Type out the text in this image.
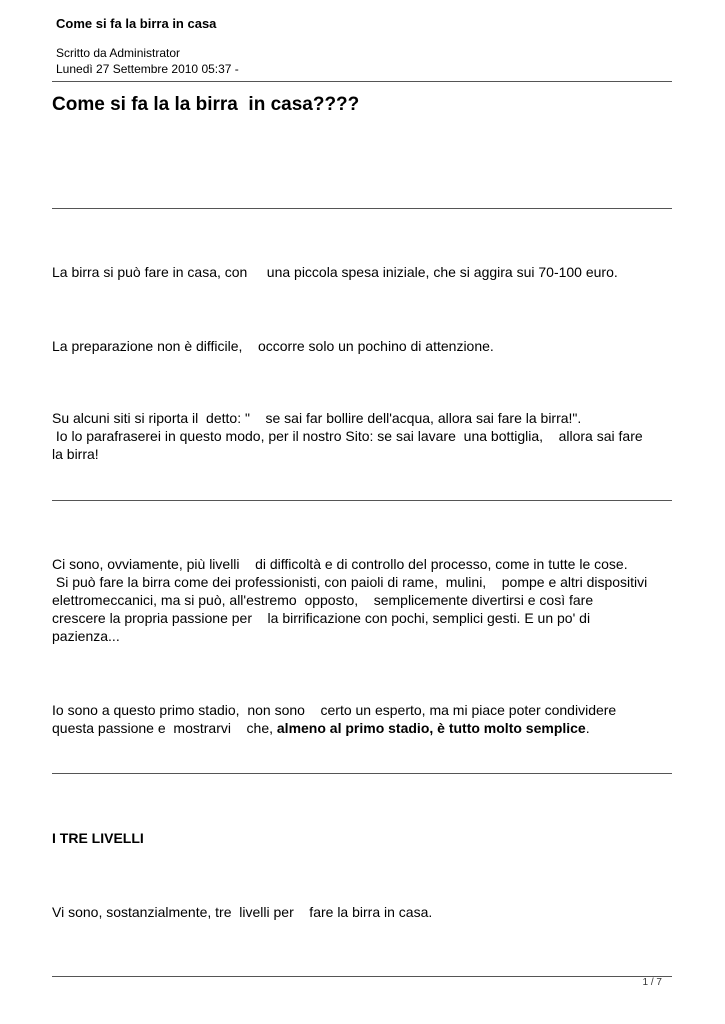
Come si fa la birra in casa
Scritto da Administrator
Lunedì 27 Settembre 2010 05:37 -
Come si fa la la birra  in casa????
La birra si può fare in casa, con     una piccola spesa iniziale, che si aggira sui 70-100 euro.
La preparazione non è difficile,    occorre solo un pochino di attenzione.
Su alcuni siti si riporta il  detto: "    se sai far bollire dell'acqua, allora sai fare la birra!".
Io lo parafraserei in questo modo, per il nostro Sito: se sai lavare  una bottiglia,    allora sai fare
la birra!
Ci sono, ovviamente, più livelli    di difficoltà e di controllo del processo, come in tutte le cose.
Si può fare la birra come dei professionisti, con paioli di rame,  mulini,    pompe e altri dispositivi
elettromeccanici, ma si può, all'estremo  opposto,    semplicemente divertirsi e così fare
crescere la propria passione per    la birrificazione con pochi, semplici gesti. E un po' di
pazienza...
Io sono a questo primo stadio,  non sono    certo un esperto, ma mi piace poter condividere
questa passione e  mostrarvi    che, almeno al primo stadio, è tutto molto semplice.
I TRE LIVELLI
Vi sono, sostanzialmente, tre  livelli per    fare la birra in casa.
1 / 7
